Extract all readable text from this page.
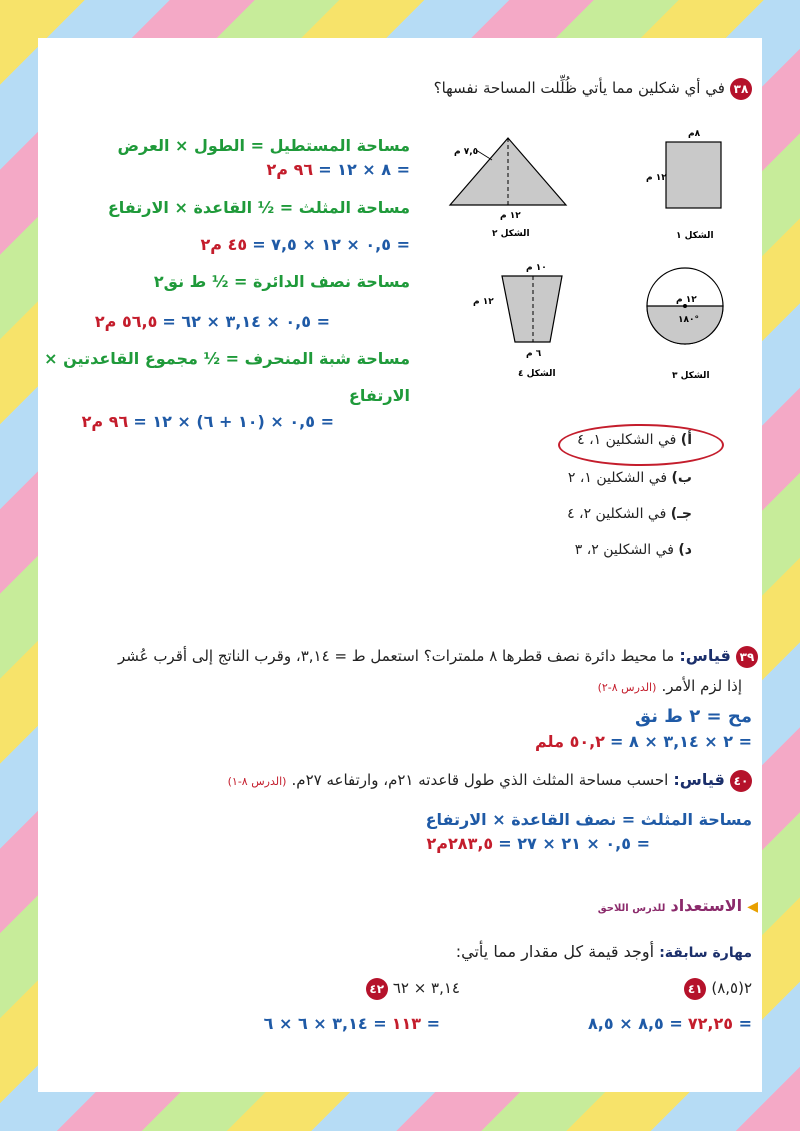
٣٨ في أي شكلين مما يأتي ظُلِّلت المساحة نفسها؟
مساحة المستطيل = الطول × العرض
= ٨ × ١٢ = ٩٦ م٢
مساحة المثلث = ½ القاعدة × الارتفاع
= ٠,٥ × ١٢ × ٧,٥ = ٤٥ م٢
مساحة نصف الدائرة = ½ ط نق٢
= ٠,٥ × ٣,١٤ × ٦٢ = ٥٦,٥ م٢
مساحة شبة المنحرف = ½ مجموع القاعدتين ×
الارتفاع
= ٠,٥ × (١٠ + ٦) × ١٢ = ٩٦ م٢
٧,٥ م
١٢ م
الشكل ٢
٨م
١٢ م
الشكل ١
١٠ م
١٢ م
٦ م
الشكل ٤
١٢ م
١٨٠°
الشكل ٣
أ) في الشكلين ١، ٤
ب) في الشكلين ١، ٢
جـ) في الشكلين ٢، ٤
د) في الشكلين ٢، ٣
٣٩ قياس: ما محيط دائرة نصف قطرها ٨ ملمترات؟ استعمل ط = ٣,١٤، وقرب الناتج إلى أقرب عُشر
إذا لزم الأمر. (الدرس ٨-٢)
مح = ٢ ط نق
= ٢ × ٣,١٤ × ٨ = ٥٠,٢ ملم
٤٠ قياس: احسب مساحة المثلث الذي طول قاعدته ٢١م، وارتفاعه ٢٧م. (الدرس ٨-١)
مساحة المثلث = نصف القاعدة × الارتفاع
= ٠,٥ × ٢١ × ٢٧ = ٢٨٣,٥م٢
◀ الاستعداد للدرس اللاحق
مهارة سابقة: أوجد قيمة كل مقدار مما يأتي:
٤١ (٨,٥)٢
٧٢,٢٥ = ٨,٥ × ٨,٥ =
٤٢ ٣,١٤ × ٦٢
١١٣ = ٣,١٤ × ٦ × ٦ =
